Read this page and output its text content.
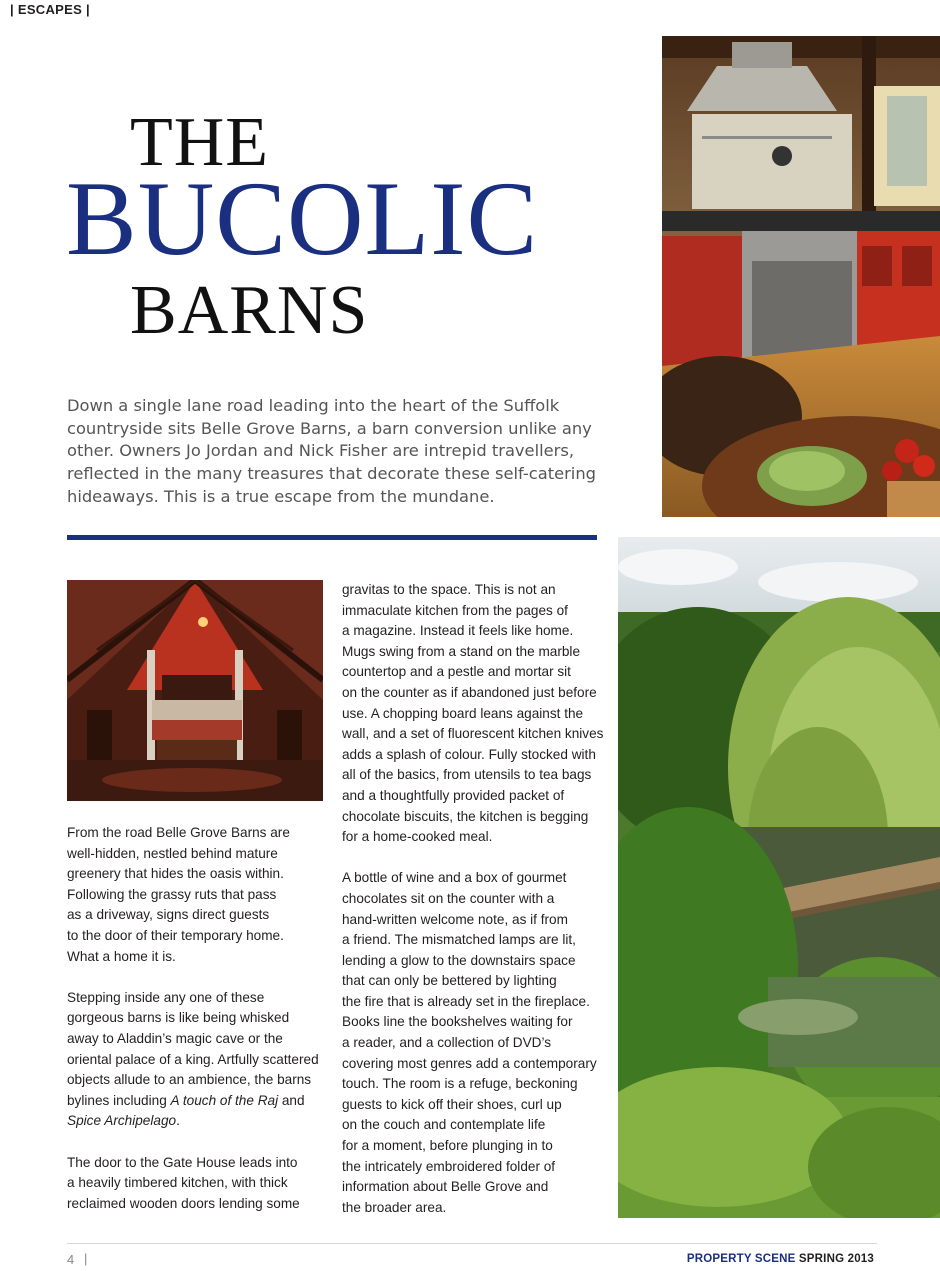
| ESCAPES |
THE
BUCOLIC
BARNS
Down a single lane road leading into the heart of the Suffolk countryside sits Belle Grove Barns, a barn conversion unlike any other. Owners Jo Jordan and Nick Fisher are intrepid travellers, reflected in the many treasures that decorate these self-catering hideaways. This is a true escape from the mundane.

From the road Belle Grove Barns are
well-hidden, nestled behind mature
greenery that hides the oasis within.
Following the grassy ruts that pass
as a driveway, signs direct guests
to the door of their temporary home.
What a home it is.

Stepping inside any one of these
gorgeous barns is like being whisked
away to Aladdin’s magic cave or the
oriental palace of a king. Artfully scattered
objects allude to an ambience, the barns
bylines including A touch of the Raj and
Spice Archipelago.

The door to the Gate House leads into
a heavily timbered kitchen, with thick
reclaimed wooden doors lending some

gravitas to the space. This is not an
immaculate kitchen from the pages of
a magazine. Instead it feels like home.
Mugs swing from a stand on the marble
countertop and a pestle and mortar sit
on the counter as if abandoned just before
use. A chopping board leans against the
wall, and a set of fluorescent kitchen knives
adds a splash of colour. Fully stocked with
all of the basics, from utensils to tea bags
and a thoughtfully provided packet of
chocolate biscuits, the kitchen is begging
for a home-cooked meal.

A bottle of wine and a box of gourmet
chocolates sit on the counter with a
hand-written welcome note, as if from
a friend. The mismatched lamps are lit,
lending a glow to the downstairs space
that can only be bettered by lighting
the fire that is already set in the fireplace.
Books line the bookshelves waiting for
a reader, and a collection of DVD’s
covering most genres add a contemporary
touch. The room is a refuge, beckoning
guests to kick off their shoes, curl up
on the couch and contemplate life
for a moment, before plunging in to
the intricately embroidered folder of
information about Belle Grove and
the broader area.

4 |	PROPERTY SCENE SPRING 2013
